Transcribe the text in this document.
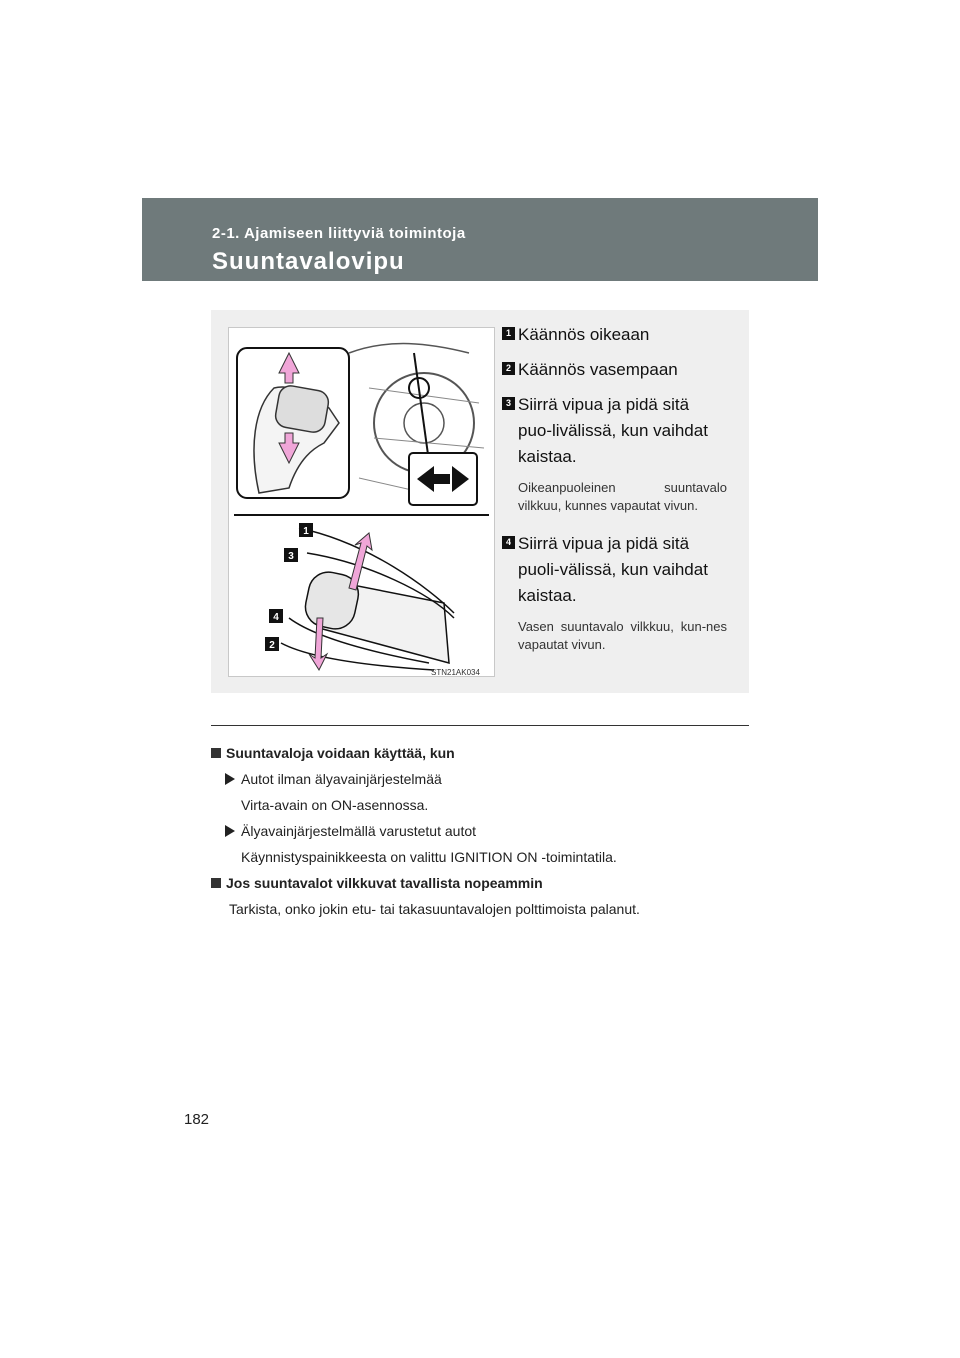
2-1. Ajamiseen liittyviä toimintoja
Suuntavalovipu
1
3
4
2
STN21AK034
1 Käännös oikeaan
2 Käännös vasempaan
3 Siirrä vipua ja pidä sitä puo-livälissä, kun vaihdat kaistaa.
Oikeanpuoleinen suuntavalo vilkkuu, kunnes vapautat vivun.
4 Siirrä vipua ja pidä sitä puoli-välissä, kun vaihdat kaistaa.
Vasen suuntavalo vilkkuu, kun-nes vapautat vivun.
Suuntavaloja voidaan käyttää, kun
Autot ilman älyavainjärjestelmää
Virta-avain on ON-asennossa.
Älyavainjärjestelmällä varustetut autot
Käynnistyspainikkeesta on valittu IGNITION ON -toimintatila.
Jos suuntavalot vilkkuvat tavallista nopeammin
Tarkista, onko jokin etu- tai takasuuntavalojen polttimoista palanut.
182
